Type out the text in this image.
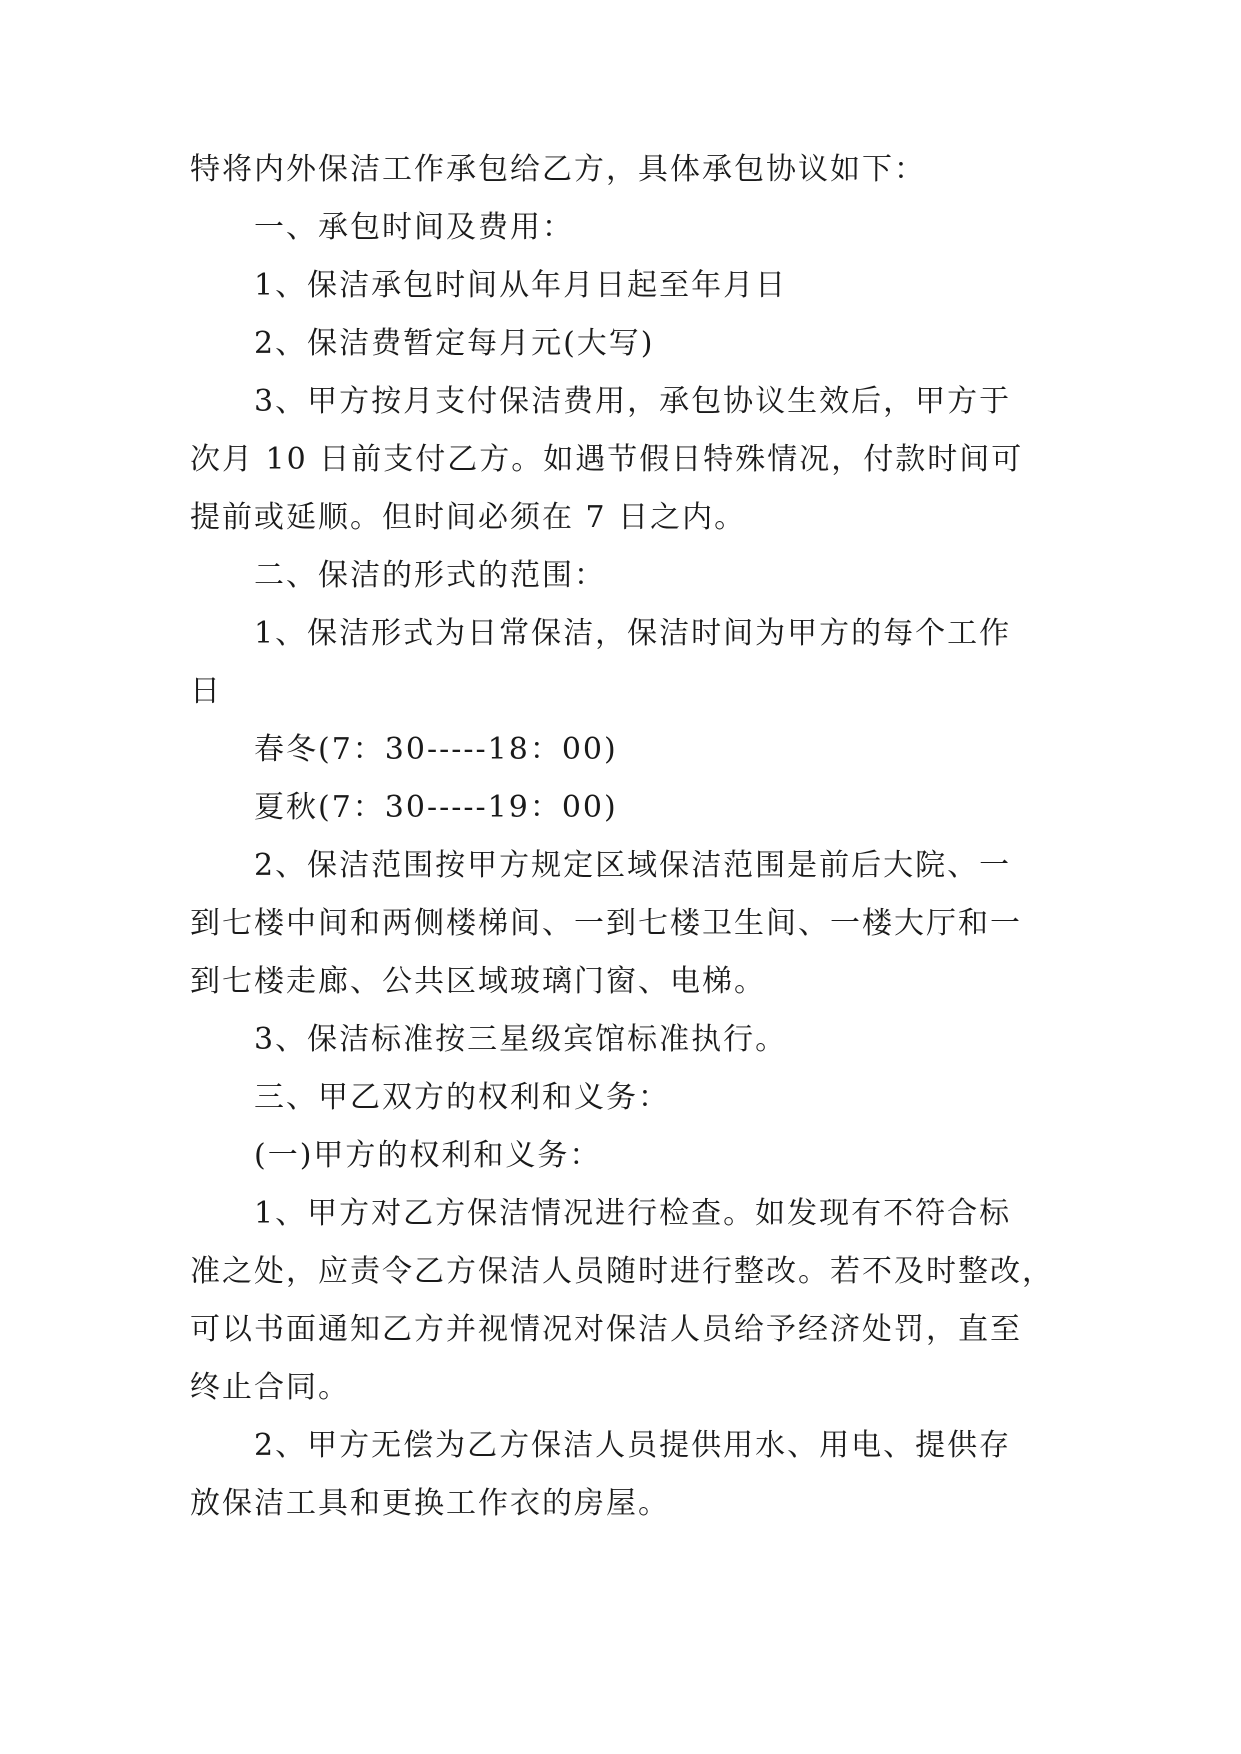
特将内外保洁工作承包给乙方，具体承包协议如下：
一、承包时间及费用：
1、保洁承包时间从年月日起至年月日
2、保洁费暂定每月元(大写)
3、甲方按月支付保洁费用，承包协议生效后，甲方于
次月 10 日前支付乙方。如遇节假日特殊情况，付款时间可
提前或延顺。但时间必须在 7 日之内。
二、保洁的形式的范围：
1、保洁形式为日常保洁，保洁时间为甲方的每个工作
日
春冬(7：30-----18：00)
夏秋(7：30-----19：00)
2、保洁范围按甲方规定区域保洁范围是前后大院、一
到七楼中间和两侧楼梯间、一到七楼卫生间、一楼大厅和一
到七楼走廊、公共区域玻璃门窗、电梯。
3、保洁标准按三星级宾馆标准执行。
三、甲乙双方的权利和义务：
(一)甲方的权利和义务：
1、甲方对乙方保洁情况进行检查。如发现有不符合标
准之处，应责令乙方保洁人员随时进行整改。若不及时整改，
可以书面通知乙方并视情况对保洁人员给予经济处罚，直至
终止合同。
2、甲方无偿为乙方保洁人员提供用水、用电、提供存
放保洁工具和更换工作衣的房屋。
